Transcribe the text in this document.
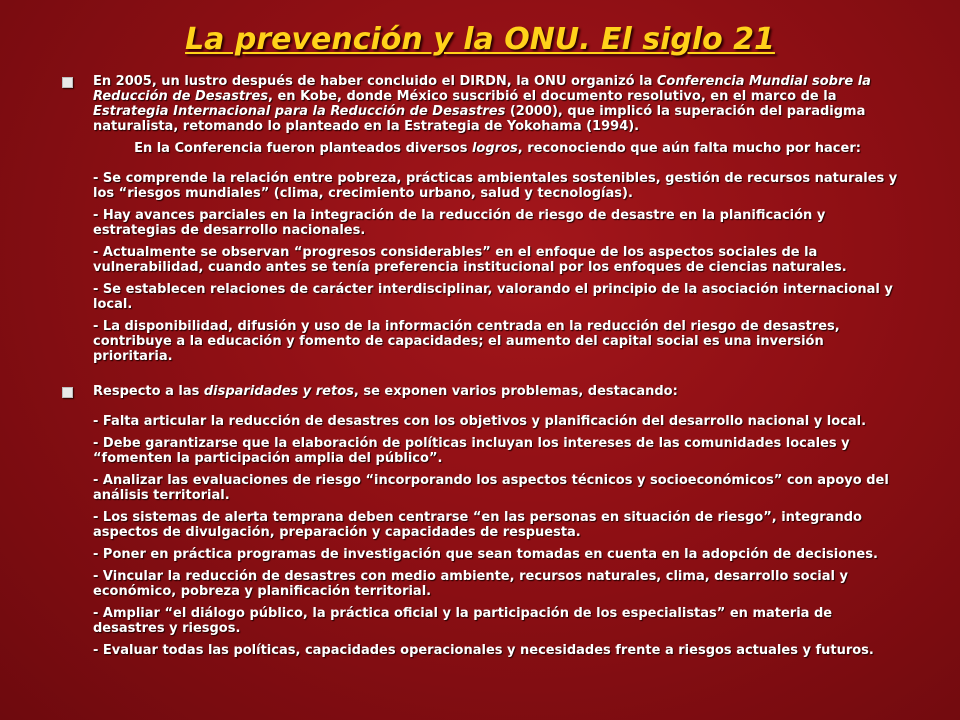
La prevención y la ONU. El siglo 21

En 2005, un lustro después de haber concluido el DIRDN, la ONU organizó la Conferencia Mundial sobre la Reducción de Desastres, en Kobe, donde México suscribió el documento resolutivo, en el marco de la Estrategia Internacional para la Reducción de Desastres (2000), que implicó la superación del paradigma naturalista, retomando lo planteado en la Estrategia de Yokohama (1994).

En la Conferencia fueron planteados diversos logros, reconociendo que aún falta mucho por hacer:
- Se comprende la relación entre pobreza, prácticas ambientales sostenibles, gestión de recursos naturales y los “riesgos mundiales” (clima, crecimiento urbano, salud y tecnologías).
- Hay avances parciales en la integración de la reducción de riesgo de desastre en la planificación y estrategias de desarrollo nacionales.
- Actualmente se observan “progresos considerables” en el enfoque de los aspectos sociales de la vulnerabilidad, cuando antes se tenía preferencia institucional por los enfoques de ciencias naturales.
- Se establecen relaciones de carácter interdisciplinar, valorando el principio de la asociación internacional y local.
- La disponibilidad, difusión y uso de la información centrada en la reducción del riesgo de desastres, contribuye a la educación y fomento de capacidades; el aumento del capital social es una inversión prioritaria.

Respecto a las disparidades y retos, se exponen varios problemas, destacando:

- Falta articular la reducción de desastres con los objetivos y planificación del desarrollo nacional y local.
- Debe garantizarse que la elaboración de políticas incluyan los intereses de las comunidades locales y “fomenten la participación amplia del público”.
- Analizar las evaluaciones de riesgo “incorporando los aspectos técnicos y socioeconómicos” con apoyo del análisis territorial.
- Los sistemas de alerta temprana deben centrarse “en las personas en situación de riesgo”, integrando aspectos de divulgación, preparación y capacidades de respuesta.
- Poner en práctica programas de investigación que sean tomadas en cuenta en la adopción de decisiones.
- Vincular la reducción de desastres con medio ambiente, recursos naturales, clima, desarrollo social y económico, pobreza y planificación territorial.
- Ampliar “el diálogo público, la práctica oficial y la participación de los especialistas” en materia de desastres y riesgos.
- Evaluar todas las políticas, capacidades operacionales y necesidades frente a riesgos actuales y futuros.
